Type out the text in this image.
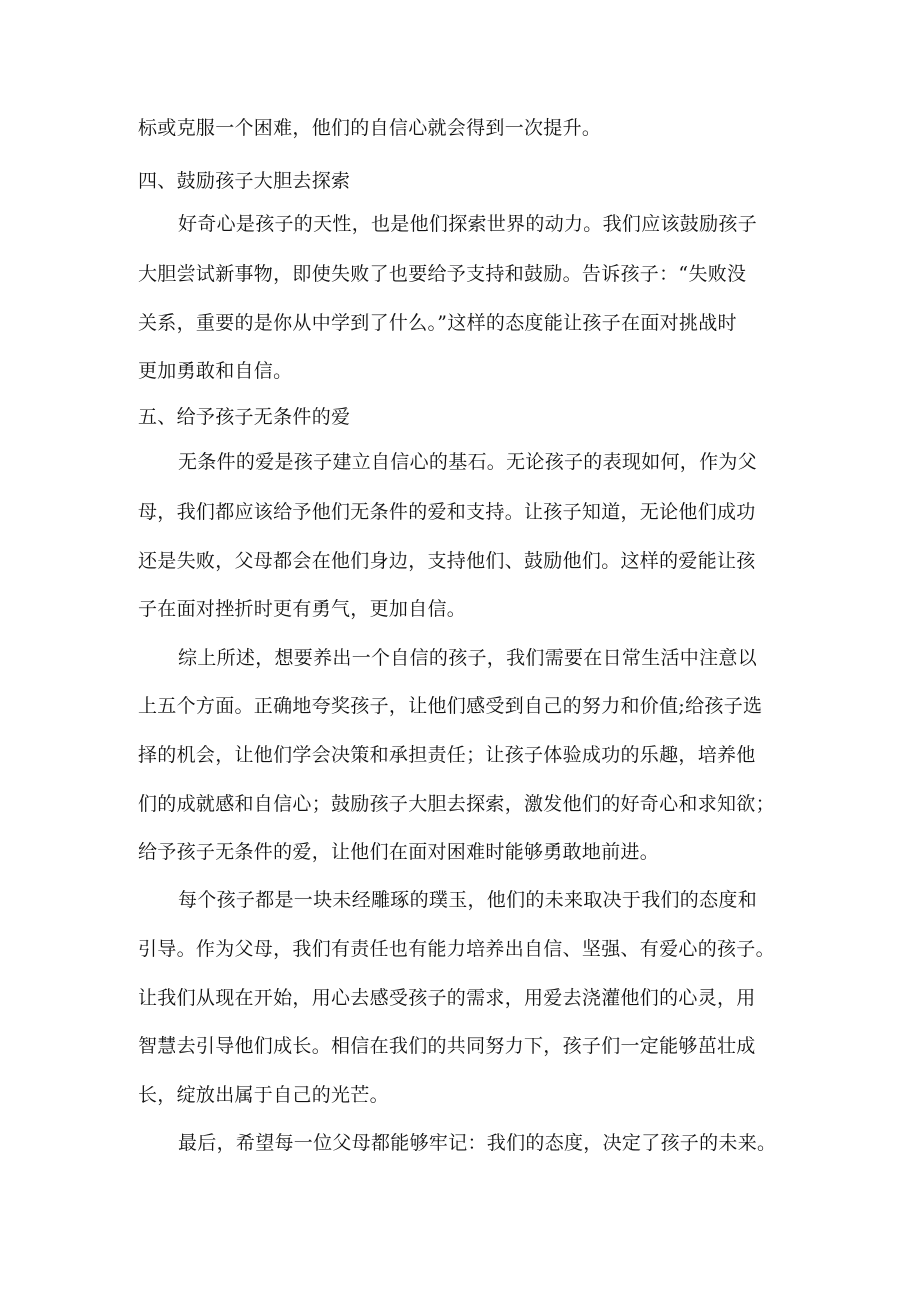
标或克服一个困难，他们的自信心就会得到一次提升。
四、鼓励孩子大胆去探索
好奇心是孩子的天性，也是他们探索世界的动力。我们应该鼓励孩子
大胆尝试新事物，即使失败了也要给予支持和鼓励。告诉孩子：“失败没
关系，重要的是你从中学到了什么。”这样的态度能让孩子在面对挑战时
更加勇敢和自信。
五、给予孩子无条件的爱
无条件的爱是孩子建立自信心的基石。无论孩子的表现如何，作为父
母，我们都应该给予他们无条件的爱和支持。让孩子知道，无论他们成功
还是失败，父母都会在他们身边，支持他们、鼓励他们。这样的爱能让孩
子在面对挫折时更有勇气，更加自信。
综上所述，想要养出一个自信的孩子，我们需要在日常生活中注意以
上五个方面。正确地夸奖孩子，让他们感受到自己的努力和价值;给孩子选
择的机会，让他们学会决策和承担责任；让孩子体验成功的乐趣，培养他
们的成就感和自信心；鼓励孩子大胆去探索，激发他们的好奇心和求知欲；
给予孩子无条件的爱，让他们在面对困难时能够勇敢地前进。
每个孩子都是一块未经雕琢的璞玉，他们的未来取决于我们的态度和
引导。作为父母，我们有责任也有能力培养出自信、坚强、有爱心的孩子。
让我们从现在开始，用心去感受孩子的需求，用爱去浇灌他们的心灵，用
智慧去引导他们成长。相信在我们的共同努力下，孩子们一定能够茁壮成
长，绽放出属于自己的光芒。
最后，希望每一位父母都能够牢记：我们的态度，决定了孩子的未来。
